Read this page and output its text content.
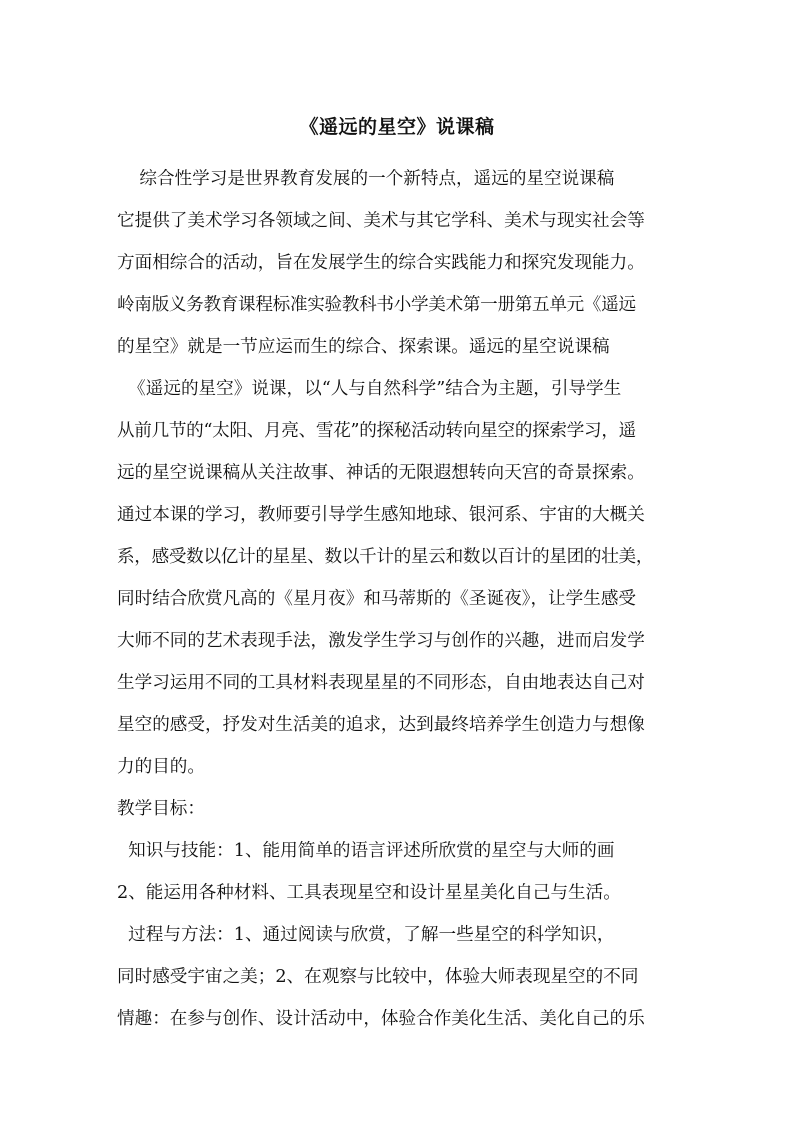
《遥远的星空》说课稿
综合性学习是世界教育发展的一个新特点，遥远的星空说课稿
它提供了美术学习各领域之间、美术与其它学科、美术与现实社会等
方面相综合的活动，旨在发展学生的综合实践能力和探究发现能力。
岭南版义务教育课程标准实验教科书小学美术第一册第五单元《遥远
的星空》就是一节应运而生的综合、探索课。遥远的星空说课稿
《遥远的星空》说课，以“人与自然科学”结合为主题，引导学生
从前几节的“太阳、月亮、雪花”的探秘活动转向星空的探索学习，遥
远的星空说课稿从关注故事、神话的无限遐想转向天宫的奇景探索。
通过本课的学习，教师要引导学生感知地球、银河系、宇宙的大概关
系，感受数以亿计的星星、数以千计的星云和数以百计的星团的壮美，
同时结合欣赏凡高的《星月夜》和马蒂斯的《圣诞夜》，让学生感受
大师不同的艺术表现手法，激发学生学习与创作的兴趣，进而启发学
生学习运用不同的工具材料表现星星的不同形态，自由地表达自己对
星空的感受，抒发对生活美的追求，达到最终培养学生创造力与想像
力的目的。
教学目标：
知识与技能：1、能用简单的语言评述所欣赏的星空与大师的画
2、能运用各种材料、工具表现星空和设计星星美化自己与生活。
过程与方法：1、通过阅读与欣赏，了解一些星空的科学知识，
同时感受宇宙之美；2、在观察与比较中，体验大师表现星空的不同
情趣：在参与创作、设计活动中，体验合作美化生活、美化自己的乐
